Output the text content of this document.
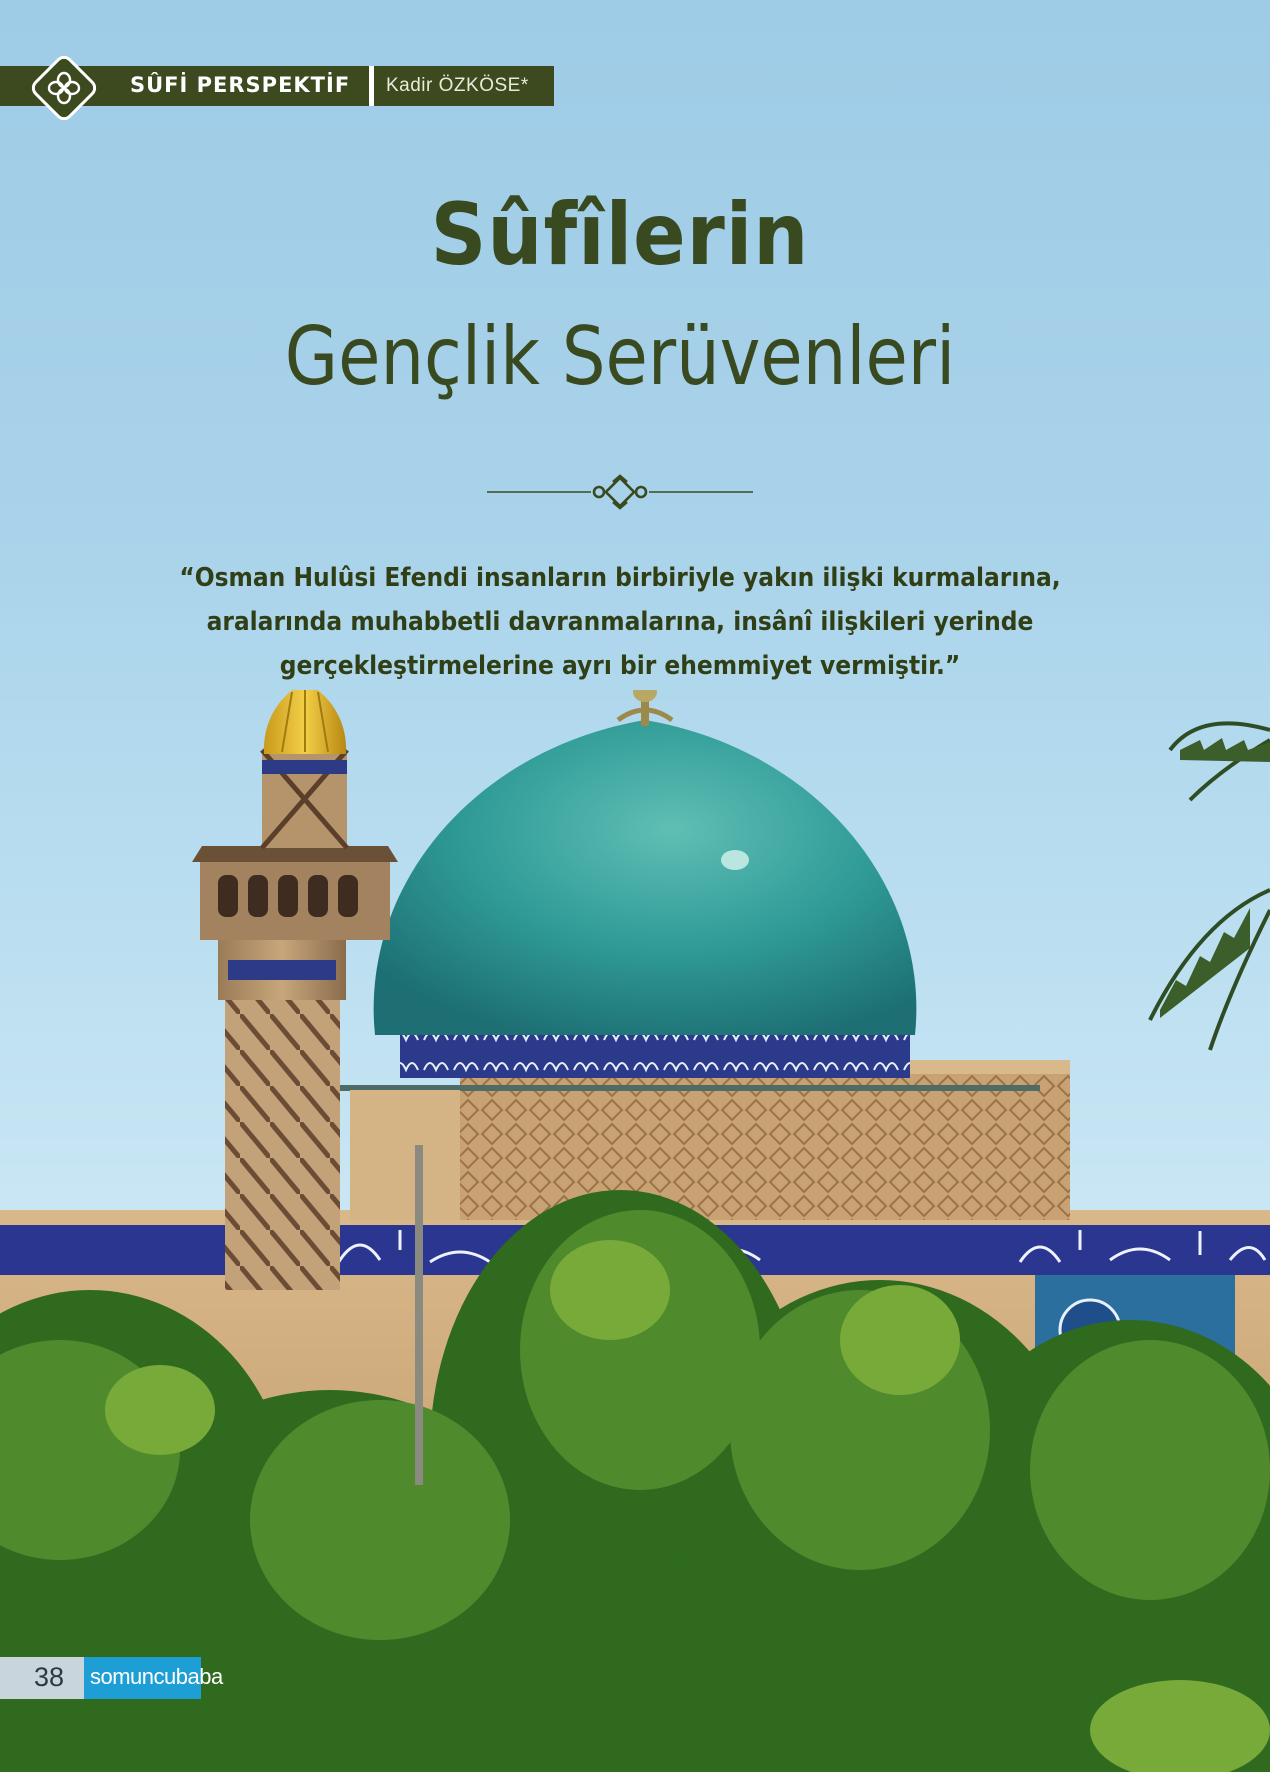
Kadir ÖZKÖSE*
SÛFİ PERSPEKTİF
Sûfîlerin
Gençlik Serüvenleri
“Osman Hulûsi Efendi insanların birbiriyle yakın ilişki kurmalarına,
aralarında muhabbetli davranmalarına, insânî ilişkileri yerinde
gerçekleştirmelerine ayrı bir ehemmiyet vermiştir.”
38 somuncubaba
